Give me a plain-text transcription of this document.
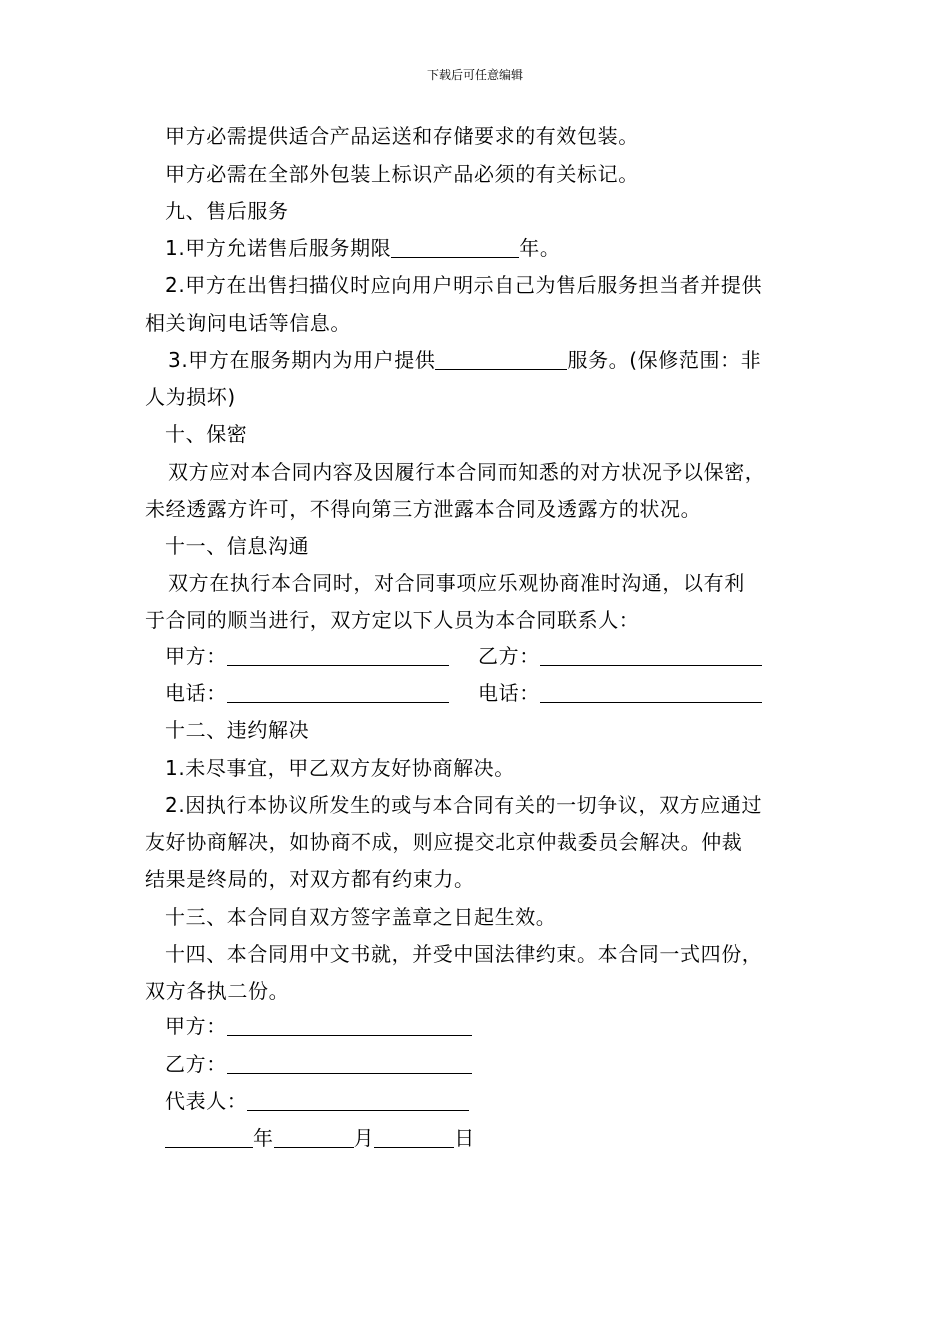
下载后可任意编辑
甲方必需提供适合产品运送和存储要求的有效包装。
甲方必需在全部外包装上标识产品必须的有关标记。
九、售后服务
1.甲方允诺售后服务期限	年。
2.甲方在出售扫描仪时应向用户明示自己为售后服务担当者并提供
相关询问电话等信息。
3.甲方在服务期内为用户提供	服务。(保修范围：非
人为损坏)
十、保密
双方应对本合同内容及因履行本合同而知悉的对方状况予以保密，
未经透露方许可，不得向第三方泄露本合同及透露方的状况。
十一、信息沟通
双方在执行本合同时，对合同事项应乐观协商准时沟通，以有利
于合同的顺当进行，双方定以下人员为本合同联系人：
甲方：	乙方：
电话：	电话：
十二、违约解决
1.未尽事宜，甲乙双方友好协商解决。
2.因执行本协议所发生的或与本合同有关的一切争议，双方应通过
友好协商解决，如协商不成，则应提交北京仲裁委员会解决。仲裁
结果是终局的，对双方都有约束力。
十三、本合同自双方签字盖章之日起生效。
十四、本合同用中文书就，并受中国法律约束。本合同一式四份，
双方各执二份。
甲方：
乙方：
代表人：
年	月	日
